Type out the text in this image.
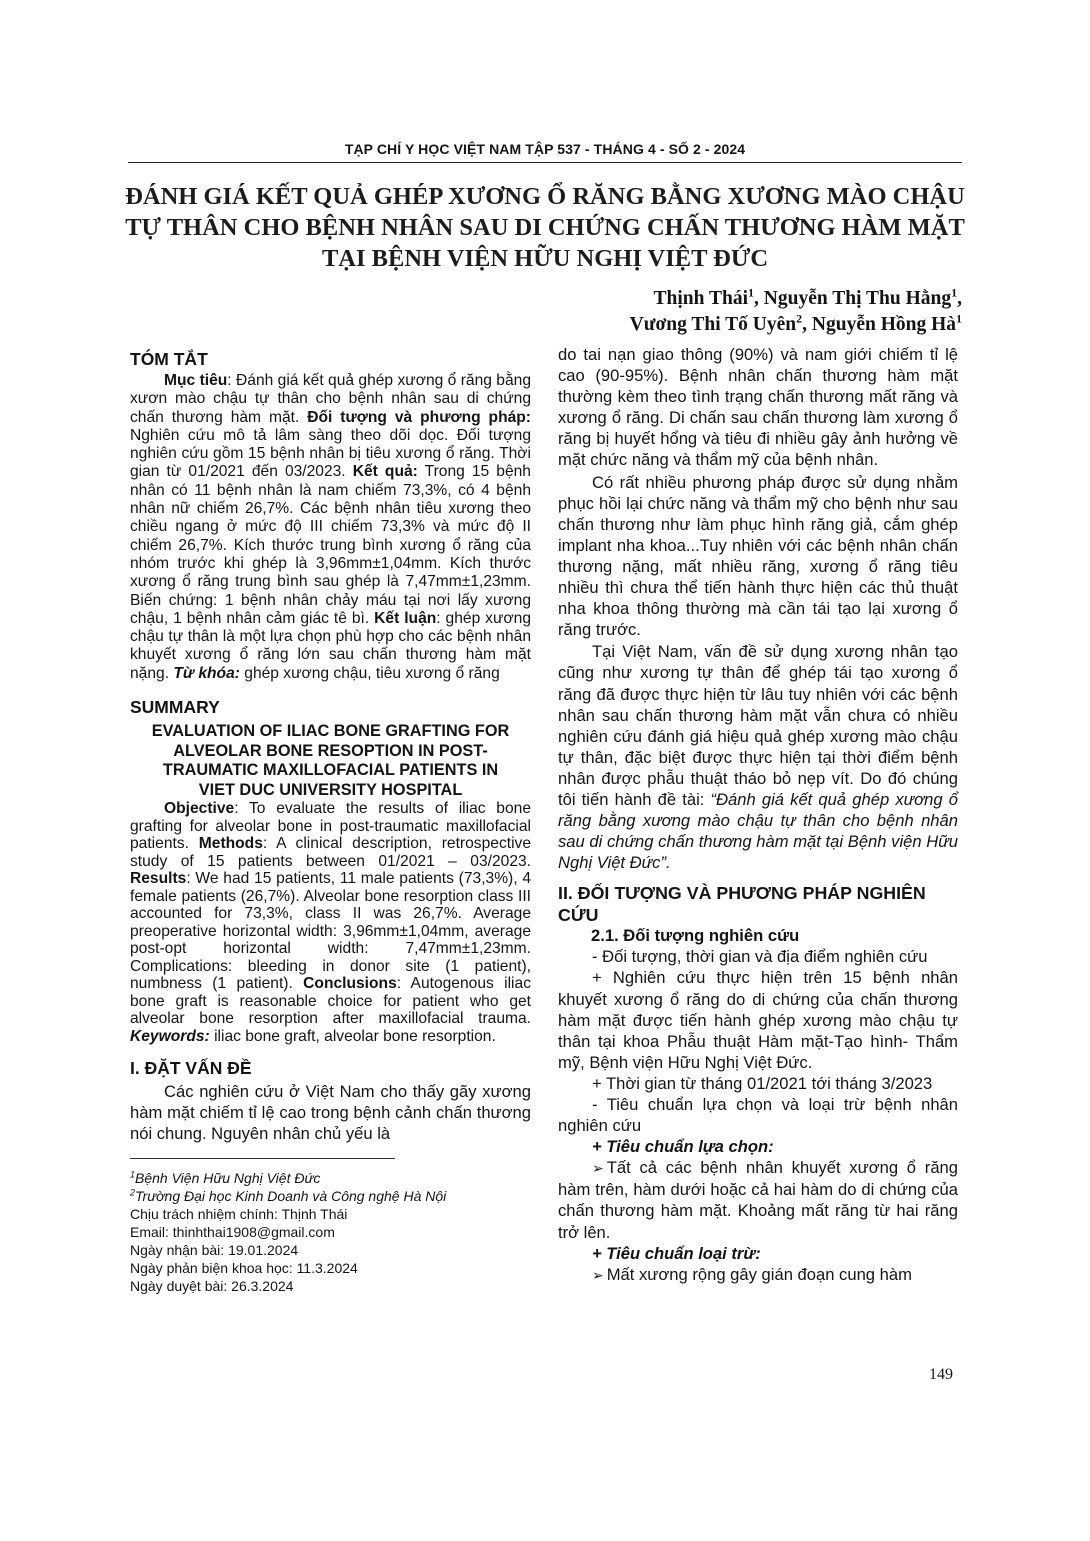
TẠP CHÍ Y HỌC VIỆT NAM TẬP 537 - THÁNG 4 - SỐ 2 - 2024
ĐÁNH GIÁ KẾT QUẢ GHÉP XƯƠNG Ổ RĂNG BẰNG XƯƠNG MÀO CHẬU
TỰ THÂN CHO BỆNH NHÂN SAU DI CHỨNG CHẤN THƯƠNG HÀM MẶT
TẠI BỆNH VIỆN HỮU NGHỊ VIỆT ĐỨC
Thịnh Thái$^1$, Nguyễn Thị Thu Hằng$^1$,
Vương Thi Tố Uyên$^2$, Nguyễn Hồng $Hà^1$
TÓM TẮT

Mục tiêu: Đánh giá kết quả ghép xương ổ răng bằng xươn mào chậu tự thân cho bệnh nhân sau di chứng chấn thương hàm mặt. Đối tượng và phương pháp: Nghiên cứu mô tả lâm sàng theo dõi dọc. Đối tượng nghiên cứu gồm 15 bệnh nhân bị tiêu xương ổ răng. Thời gian từ 01/2021 đến 03/2023. Kết quả: Trong 15 bệnh nhân có 11 bệnh nhân là nam chiếm 73,3%, có 4 bệnh nhân nữ chiếm 26,7%. Các bệnh nhân tiêu xương theo chiều ngang ở mức độ III chiếm 73,3% và mức độ II chiếm 26,7%. Kích thước trung bình xương ổ răng của nhóm trước khi ghép là 3,96mm±1,04mm. Kích thước xương ổ răng trung bình sau ghép là 7,47mm±1,23mm. Biến chứng: 1 bệnh nhân chảy máu tại nơi lấy xương chậu, 1 bệnh nhân cảm giác tê bì. Kết luận: ghép xương chậu tự thân là một lựa chọn phù hợp cho các bệnh nhân khuyết xương ổ răng lớn sau chấn thương hàm mặt nặng. Từ khóa: ghép xương chậu, tiêu xương ổ răng

SUMMARY
EVALUATION OF ILIAC BONE GRAFTING FOR
ALVEOLAR BONE RESOPTION IN POST-
TRAUMATIC MAXILLOFACIAL PATIENTS IN
VIET DUC UNIVERSITY HOSPITAL

Objective: To evaluate the results of iliac bone grafting for alveolar bone in post-traumatic maxillofacial patients. Methods: A clinical description, retrospective study of 15 patients between 01/2021 – 03/2023. Results: We had 15 patients, 11 male patients (73,3%), 4 female patients (26,7%). Alveolar bone resorption class III accounted for 73,3%, class II was 26,7%. Average preoperative horizontal width: 3,96mm±1,04mm, average post-opt horizontal width: 7,47mm±1,23mm. Complications: bleeding in donor site (1 patient), numbness (1 patient). Conclusions: Autogenous iliac bone graft is reasonable choice for patient who get alveolar bone resorption after maxillofacial trauma. Keywords: iliac bone graft, alveolar bone resorption.

I. ĐẶT VẤN ĐỀ

Các nghiên cứu ở Việt Nam cho thấy gãy xương hàm mặt chiếm tỉ lệ cao trong bệnh cảnh chấn thương nói chung. Nguyên nhân chủ yếu là

$^1$Bệnh Viện Hữu Nghị Việt Đức
$^2$Trường Đại học Kinh Doanh và Công nghệ Hà Nội
Chịu trách nhiệm chính: Thịnh Thái
Email: thinhthai1908@gmail.com
Ngày nhận bài: 19.01.2024
Ngày phản biện khoa học: 11.3.2024
Ngày duyệt bài: 26.3.2024

do tai nạn giao thông (90%) và nam giới chiếm tỉ lệ cao (90-95%). Bệnh nhân chấn thương hàm mặt thường kèm theo tình trạng chấn thương mất răng và xương ổ răng. Di chấn sau chấn thương làm xương ổ răng bị huyết hổng và tiêu đi nhiều gây ảnh hưởng về mặt chức năng và thẩm mỹ của bệnh nhân.

Có rất nhiều phương pháp được sử dụng nhằm phục hồi lại chức năng và thẩm mỹ cho bệnh như sau chấn thương như làm phục hình răng giả, cắm ghép implant nha khoa...Tuy nhiên với các bệnh nhân chấn thương nặng, mất nhiều răng, xương ổ răng tiêu nhiều thì chưa thể tiến hành thực hiện các thủ thuật nha khoa thông thường mà cần tái tạo lại xương ổ răng trước.

Tại Việt Nam, vấn đề sử dụng xương nhân tạo cũng như xương tự thân để ghép tái tạo xương ổ răng đã được thực hiện từ lâu tuy nhiên với các bệnh nhân sau chấn thương hàm mặt vẫn chưa có nhiều nghiên cứu đánh giá hiệu quả ghép xương mào chậu tự thân, đặc biệt được thực hiện tại thời điểm bệnh nhân được phẫu thuật tháo bỏ nẹp vít. Do đó chúng tôi tiến hành đề tài: “Đánh giá kết quả ghép xương ổ răng bằng xương mào chậu tự thân cho bệnh nhân sau di chứng chấn thương hàm mặt tại Bệnh viện Hữu Nghị Việt Đức”.

II. ĐỐI TƯỢNG VÀ PHƯƠNG PHÁP NGHIÊN CỨU
2.1. Đối tượng nghiên cứu

- Đối tượng, thời gian và địa điểm nghiên cứu

+ Nghiên cứu thực hiện trên 15 bệnh nhân khuyết xương ổ răng do di chứng của chấn thương hàm mặt được tiến hành ghép xương mào chậu tự thân tại khoa Phẫu thuật Hàm mặt-Tạo hình- Thẩm mỹ, Bệnh viện Hữu Nghị Việt Đức.

+ Thời gian từ tháng 01/2021 tới tháng 3/2023

- Tiêu chuẩn lựa chọn và loại trừ bệnh nhân nghiên cứu

+ Tiêu chuẩn lựa chọn:

➢ Tất cả các bệnh nhân khuyết xương ổ răng hàm trên, hàm dưới hoặc cả hai hàm do di chứng của chấn thương hàm mặt. Khoảng mất răng từ hai răng trở lên.

+ Tiêu chuẩn loại trừ:

➢ Mất xương rộng gây gián đoạn cung hàm

149
